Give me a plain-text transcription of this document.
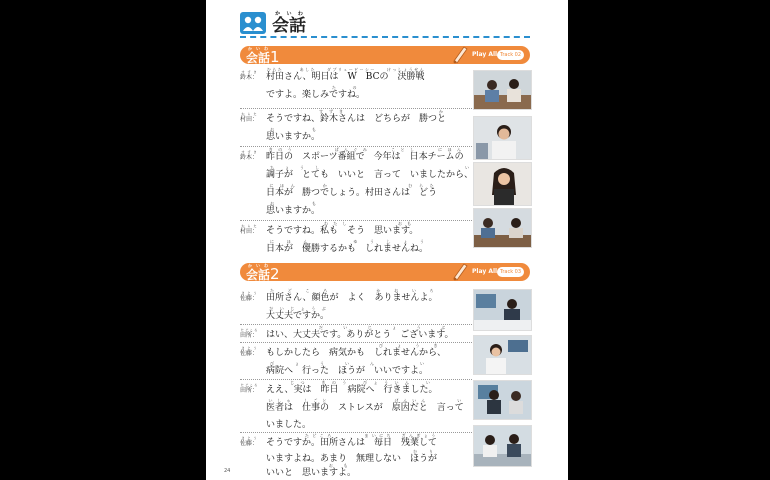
会話かいわ
会話かいわ 1	Play All Track 02
鈴木：すずき 村田さん、明日は　W　BCの　決勝戦むらた　　　あした　　ダブリュービーシー　　けっしょうせん
ですよ。楽しみですね。　　　たの
村田：むらた そうですね、鈴木さんは　どちらが　勝つと　　　　　すずき　　　　　　　　　か
思いますか。おも
鈴木：すずき 昨日の　スポーツ番組で　今年は　日本チームのきのう　　　　ばんぐみ　　ことし　　にほん
調子が　とても　いいと　言って　いましたから、ちょうし　　　　　　　　　い
日本が　勝つでしょう。村田さんは　どうにほん　　か　　　　　　　むらた
思いますか。おも
村田：むらた そうですね。私も　そう　思います。　　　　　　わたし　　　　　おも
日本が　優勝するかも　しれませんね。にほん　　ゆうしょう
会話かいわ 2	Play All Track 03
佐藤：さとう 田所さん、顔色が　よく　ありませんよ。たどころ　　かおいろ
大丈夫ですか。だいじょうぶ
田所：たどころ はい、大丈夫です。ありがとう　ございます。　　だいじょうぶ
佐藤：さとう もしかしたら　病気かも　しれませんから、　　　　　　びょうき
病院へ　行った　ほうが　いいですよ。びょういん　い
田所：たどころ ええ、実は　昨日　病院へ　行きました。　　じつ　きのう　びょういん　い
医者は　仕事の　ストレスが　原因だと　言っていしゃ　しごと　　　　　　　げんいん　　　い
いました。
佐藤：さとう そうですか。田所さんは　毎日　残業して　　　　　たどころ　　　　まいにち　ざんぎょう
いますよね。あまり　無理しない　ほうが　　　　　　　　　むり
いいと　思いますよ。　　　　おも
24
